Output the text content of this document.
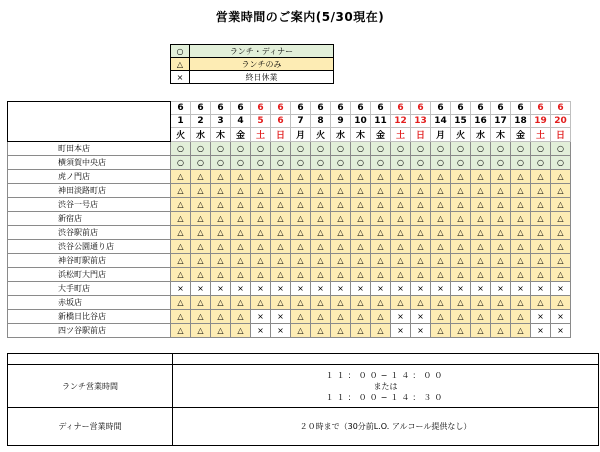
営業時間のご案内(5/30現在)
○	ランチ・ディナー
△	ランチのみ
×	終日休業
	6	6	6	6	6	6	6	6	6	6	6	6	6	6	6	6	6	6	6	6
	1	2	3	4	5	6	7	8	9	10	11	12	13	14	15	16	17	18	19	20
	火	水	木	金	土	日	月	火	水	木	金	土	日	月	火	水	木	金	土	日
町田本店	○	○	○	○	○	○	○	○	○	○	○	○	○	○	○	○	○	○	○	○
横須賀中央店	○	○	○	○	○	○	○	○	○	○	○	○	○	○	○	○	○	○	○	○
虎ノ門店	△	△	△	△	△	△	△	△	△	△	△	△	△	△	△	△	△	△	△	△
神田淡路町店	△	△	△	△	△	△	△	△	△	△	△	△	△	△	△	△	△	△	△	△
渋谷一号店	△	△	△	△	△	△	△	△	△	△	△	△	△	△	△	△	△	△	△	△
新宿店	△	△	△	△	△	△	△	△	△	△	△	△	△	△	△	△	△	△	△	△
渋谷駅前店	△	△	△	△	△	△	△	△	△	△	△	△	△	△	△	△	△	△	△	△
渋谷公園通り店	△	△	△	△	△	△	△	△	△	△	△	△	△	△	△	△	△	△	△	△
神谷町駅前店	△	△	△	△	△	△	△	△	△	△	△	△	△	△	△	△	△	△	△	△
浜松町大門店	△	△	△	△	△	△	△	△	△	△	△	△	△	△	△	△	△	△	△	△
大手町店	×	×	×	×	×	×	×	×	×	×	×	×	×	×	×	×	×	×	×	×
赤坂店	△	△	△	△	△	△	△	△	△	△	△	△	△	△	△	△	△	△	△	△
新橋日比谷店	△	△	△	△	×	×	△	△	△	△	△	×	×	△	△	△	△	△	×	×
四ツ谷駅前店	△	△	△	△	×	×	△	△	△	△	△	×	×	△	△	△	△	△	×	×

ランチ営業時間	１１：００−１４：００
または
１１：００−１４：３０

ディナー営業時間	２０時まで（30分前L.O. アルコール提供なし）
